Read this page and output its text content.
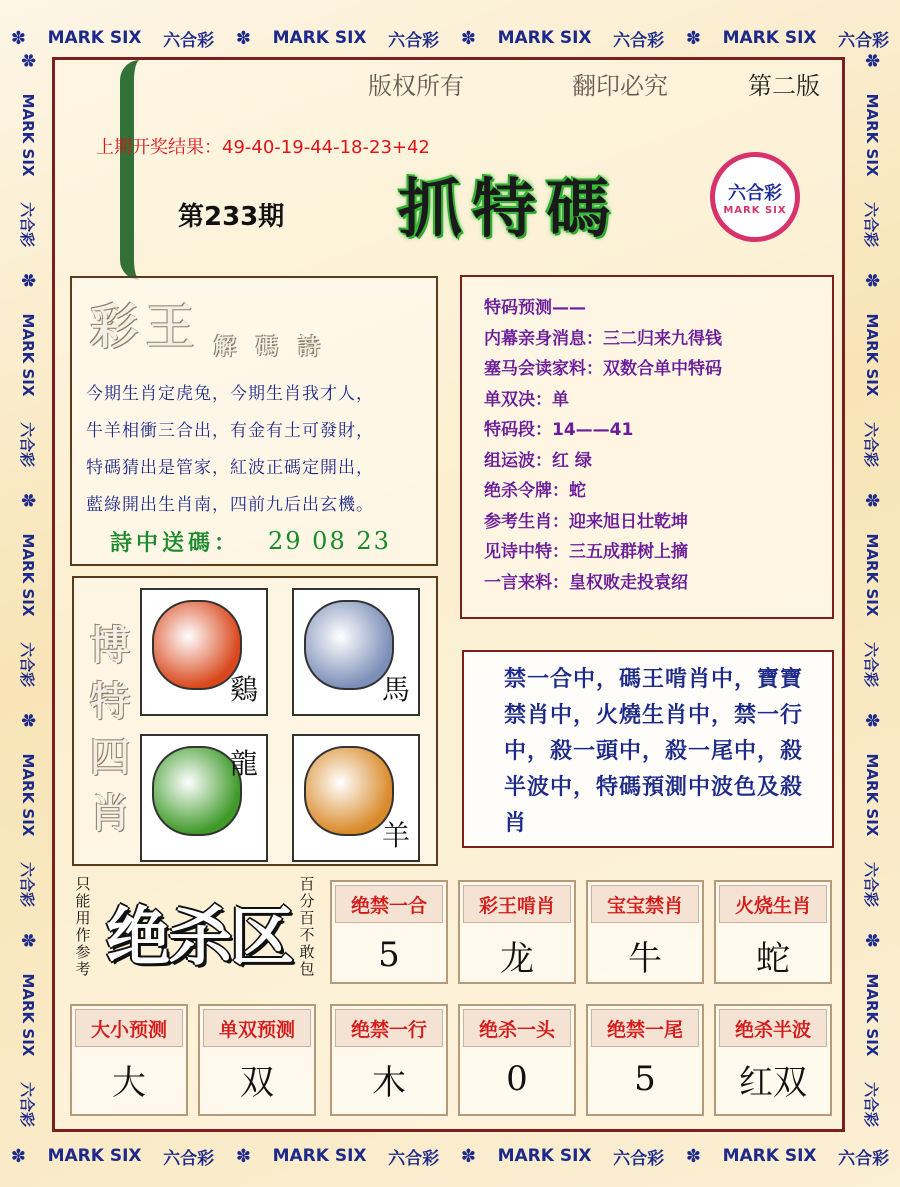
✽ MARK SIX 六合彩 ✽ MARK SIX 六合彩 ✽ MARK SIX 六合彩 ✽ MARK SIX 六合彩
✽ MARK SIX 六合彩 ✽ MARK SIX 六合彩 ✽ MARK SIX 六合彩 ✽ MARK SIX 六合彩
✽
MARK SIX
六合彩
✽
MARK SIX
六合彩
✽
MARK SIX
六合彩
✽
MARK SIX
六合彩
✽
MARK SIX
六合彩
✽
MARK SIX
六合彩
✽
MARK SIX
六合彩
✽
MARK SIX
六合彩
✽
MARK SIX
六合彩
✽
MARK SIX
六合彩
版权所有	翻印必究	第二版
上期开奖结果：49-40-19-44-18-23+42
第233期 抓特碼	六合彩
MARK SIX
彩王 解碼詩
今期生肖定虎兔，今期生肖我才人，
牛羊相衝三合出，有金有土可發財，
特碼猜出是管家，紅波正碼定開出，
藍綠開出生肖南，四前九后出玄機。
詩中送碼： 29 08 23
特码预测——
内幕亲身消息：三二归来九得钱
塞马会读家料：双数合单中特码
单双决：单
特码段：14——41
组运波：红 绿
绝杀令牌：蛇
参考生肖：迎来旭日壮乾坤
见诗中特：三五成群树上摘
一言来料：皇权败走投袁绍
博特四肖
鷄	馬
龍
羊
禁一合中，碼王啃肖中，寶寶禁肖中，火燒生肖中，禁一行中，殺一頭中，殺一尾中，殺半波中，特碼預測中波色及殺肖
只能用作参考 绝杀区
百分百不敢包
绝禁一合
5
彩王啃肖
龙
宝宝禁肖
牛
火烧生肖
蛇
大小预测
大
单双预测
双
绝禁一行
木
绝杀一头
0
绝禁一尾
5
绝杀半波
红双
